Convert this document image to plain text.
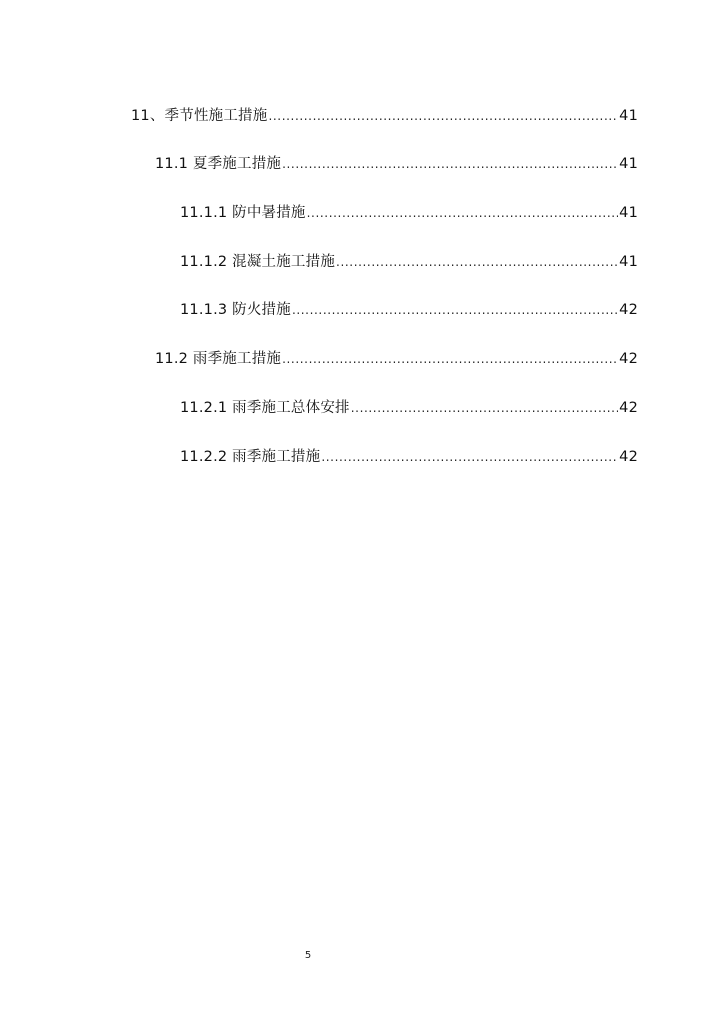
11、季节性施工措施 .....	41
11.1 夏季施工措施 .....	41
11.1.1 防中暑措施 .....	41
11.1.2 混凝土施工措施 .....	41
11.1.3 防火措施 .....	42
11.2 雨季施工措施 .....	42
11.2.1 雨季施工总体安排 .....	42
11.2.2 雨季施工措施 .....	42
5
